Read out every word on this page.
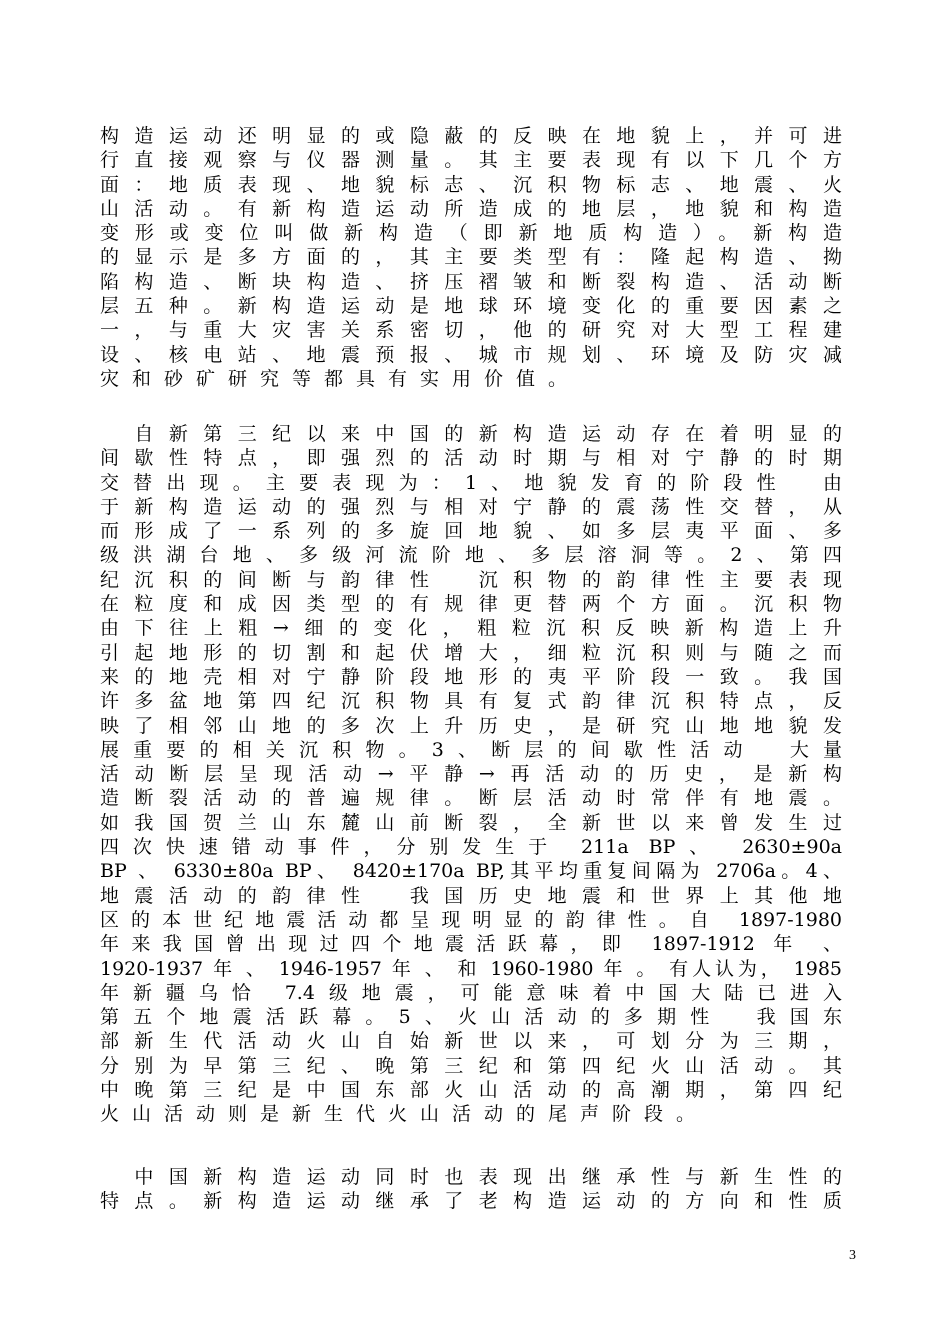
构造运动还明显的或隐蔽的反映在地貌上，并可进
行直接观察与仪器测量。其主要表现有以下几个方
面：地质表现、地貌标志、沉积物标志、地震、火
山活动。有新构造运动所造成的地层，地貌和构造
变形或变位叫做新构造（即新地质构造）。新构造
的显示是多方面的，其主要类型有：隆起构造、拗
陷构造、断块构造、挤压褶皱和断裂构造、活动断
层五种。新构造运动是地球环境变化的重要因素之
一，与重大灾害关系密切，他的研究对大型工程建
设、核电站、地震预报、城市规划、环境及防灾减
灾和砂矿研究等都具有实用价值。
　自新第三纪以来中国的新构造运动存在着明显的
间歇性特点，即强烈的活动时期与相对宁静的时期
交替出现。主要表现为：1、地貌发育的阶段性　由
于新构造运动的强烈与相对宁静的震荡性交替，从
而形成了一系列的多旋回地貌、如多层夷平面、多
级洪湖台地、多级河流阶地、多层溶洞等。2、第四
纪沉积的间断与韵律性　沉积物的韵律性主要表现
在粒度和成因类型的有规律更替两个方面。沉积物
由下往上粗→细的变化，粗粒沉积反映新构造上升
引起地形的切割和起伏增大，细粒沉积则与随之而
来的地壳相对宁静阶段地形的夷平阶段一致。我国
许多盆地第四纪沉积物具有复式韵律沉积特点，反
映了相邻山地的多次上升历史，是研究山地地貌发
展重要的相关沉积物。3、断层的间歇性活动　大量
活动断层呈现活动→平静→再活动的历史，是新构
造断裂活动的普遍规律。断层活动时常伴有地震。
如我国贺兰山东麓山前断裂，全新世以来曾发生过
四次快速错动事件，分别发生于 211a BP、 2630±90a
BP 、 6330±80a BP、 8420±170a BP,其平均重复间隔为 2706a。4、
地震活动的韵律性　我国历史地震和世界上其他地
区的本世纪地震活动都呈现明显的韵律性。自 1897-1980
年来我国曾出现过四个地震活跃幕，即 1897-1912 年 、
1920-1937 年 、 1946-1957 年 、 和 1960-1980 年 。 有人认为， 1985
年新疆乌恰 7.4级地震，可能意味着中国大陆已进入
第五个地震活跃幕。5、火山活动的多期性　我国东
部新生代活动火山自始新世以来，可划分为三期，
分别为早第三纪、晚第三纪和第四纪火山活动。其
中晚第三纪是中国东部火山活动的高潮期，第四纪
火山活动则是新生代火山活动的尾声阶段。
　中国新构造运动同时也表现出继承性与新生性的
特点。新构造运动继承了老构造运动的方向和性质
3
